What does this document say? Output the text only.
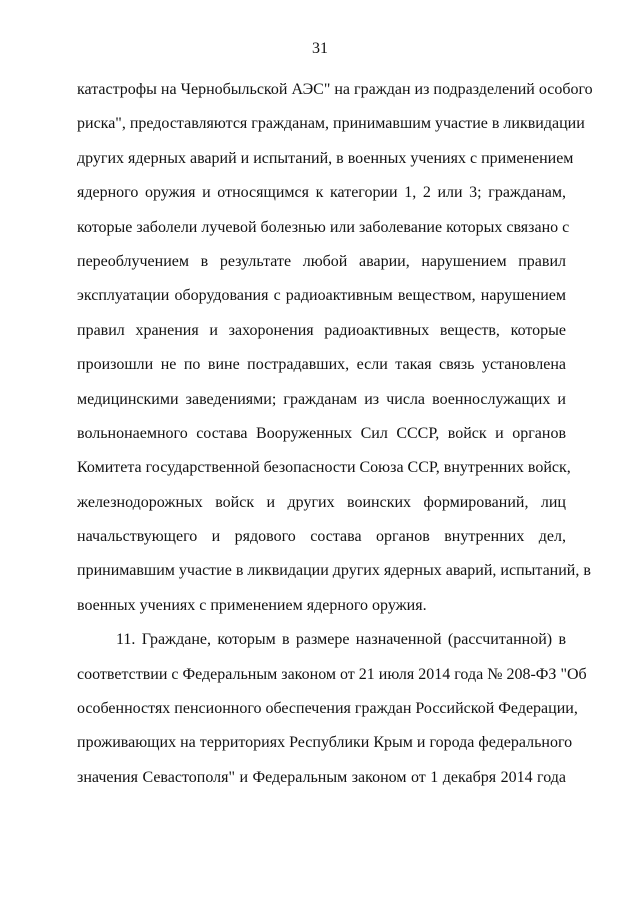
31
катастрофы на Чернобыльской АЭС" на граждан из подразделений особого
риска", предоставляются гражданам, принимавшим участие в ликвидации
других ядерных аварий и испытаний, в военных учениях с применением
ядерного оружия и относящимся к категории 1, 2 или 3; гражданам,
которые заболели лучевой болезнью или заболевание которых связано с
переоблучением в результате любой аварии, нарушением правил
эксплуатации оборудования с радиоактивным веществом, нарушением
правил хранения и захоронения радиоактивных веществ, которые
произошли не по вине пострадавших, если такая связь установлена
медицинскими заведениями; гражданам из числа военнослужащих и
вольнонаемного состава Вооруженных Сил СССР, войск и органов
Комитета государственной безопасности Союза ССР, внутренних войск,
железнодорожных войск и других воинских формирований, лиц
начальствующего и рядового состава органов внутренних дел,
принимавшим участие в ликвидации других ядерных аварий, испытаний, в
военных учениях с применением ядерного оружия.
11. Граждане, которым в размере назначенной (рассчитанной) в
соответствии с Федеральным законом от 21 июля 2014 года № 208-ФЗ "Об
особенностях пенсионного обеспечения граждан Российской Федерации,
проживающих на территориях Республики Крым и города федерального
значения Севастополя" и Федеральным законом от 1 декабря 2014 года
